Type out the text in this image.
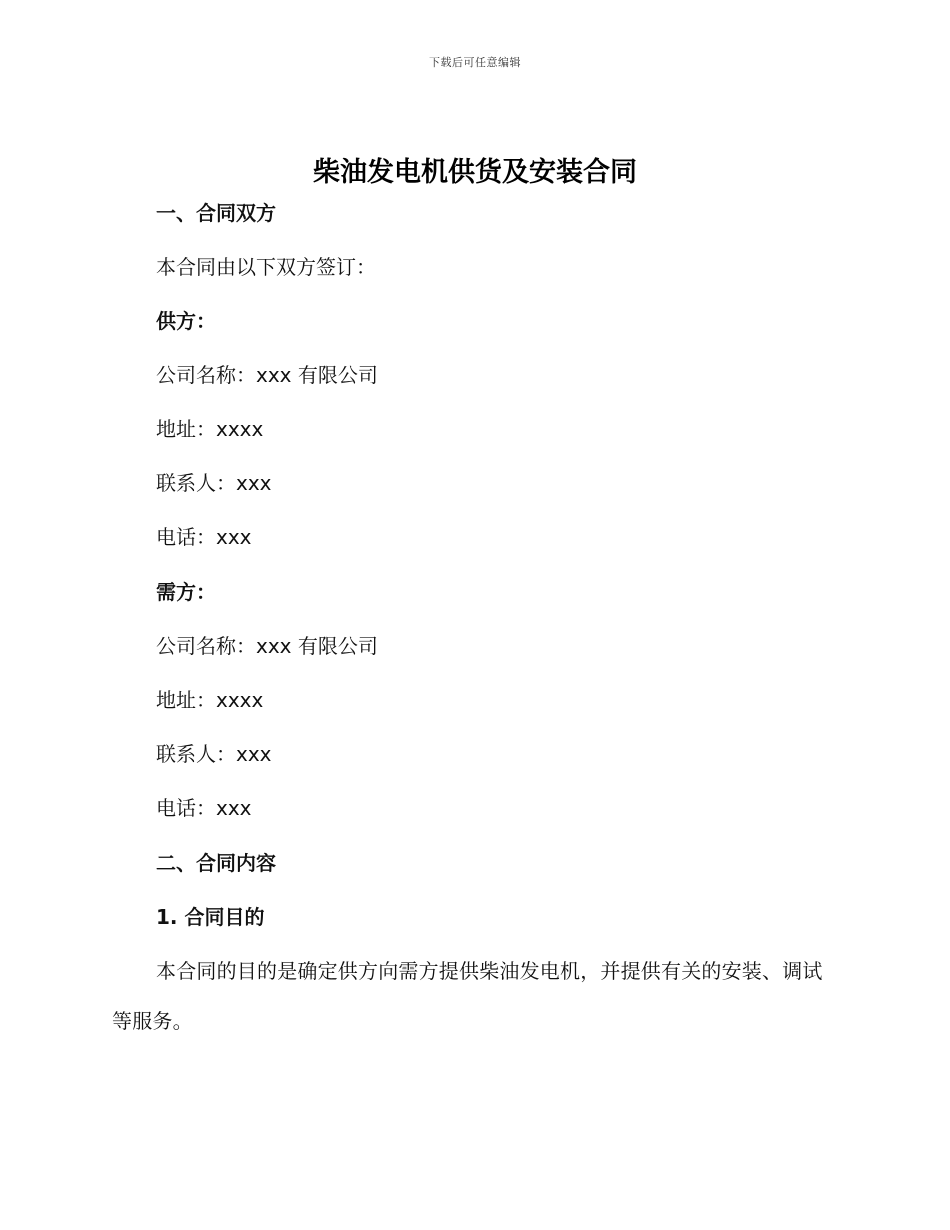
下载后可任意编辑
柴油发电机供货及安装合同
一、合同双方
本合同由以下双方签订：
供方：
公司名称：xxx 有限公司
地址：xxxx
联系人：xxx
电话：xxx
需方：
公司名称：xxx 有限公司
地址：xxxx
联系人：xxx
电话：xxx
二、合同内容
1. 合同目的

本合同的目的是确定供方向需方提供柴油发电机，并提供有关的安装、调试等服务。
